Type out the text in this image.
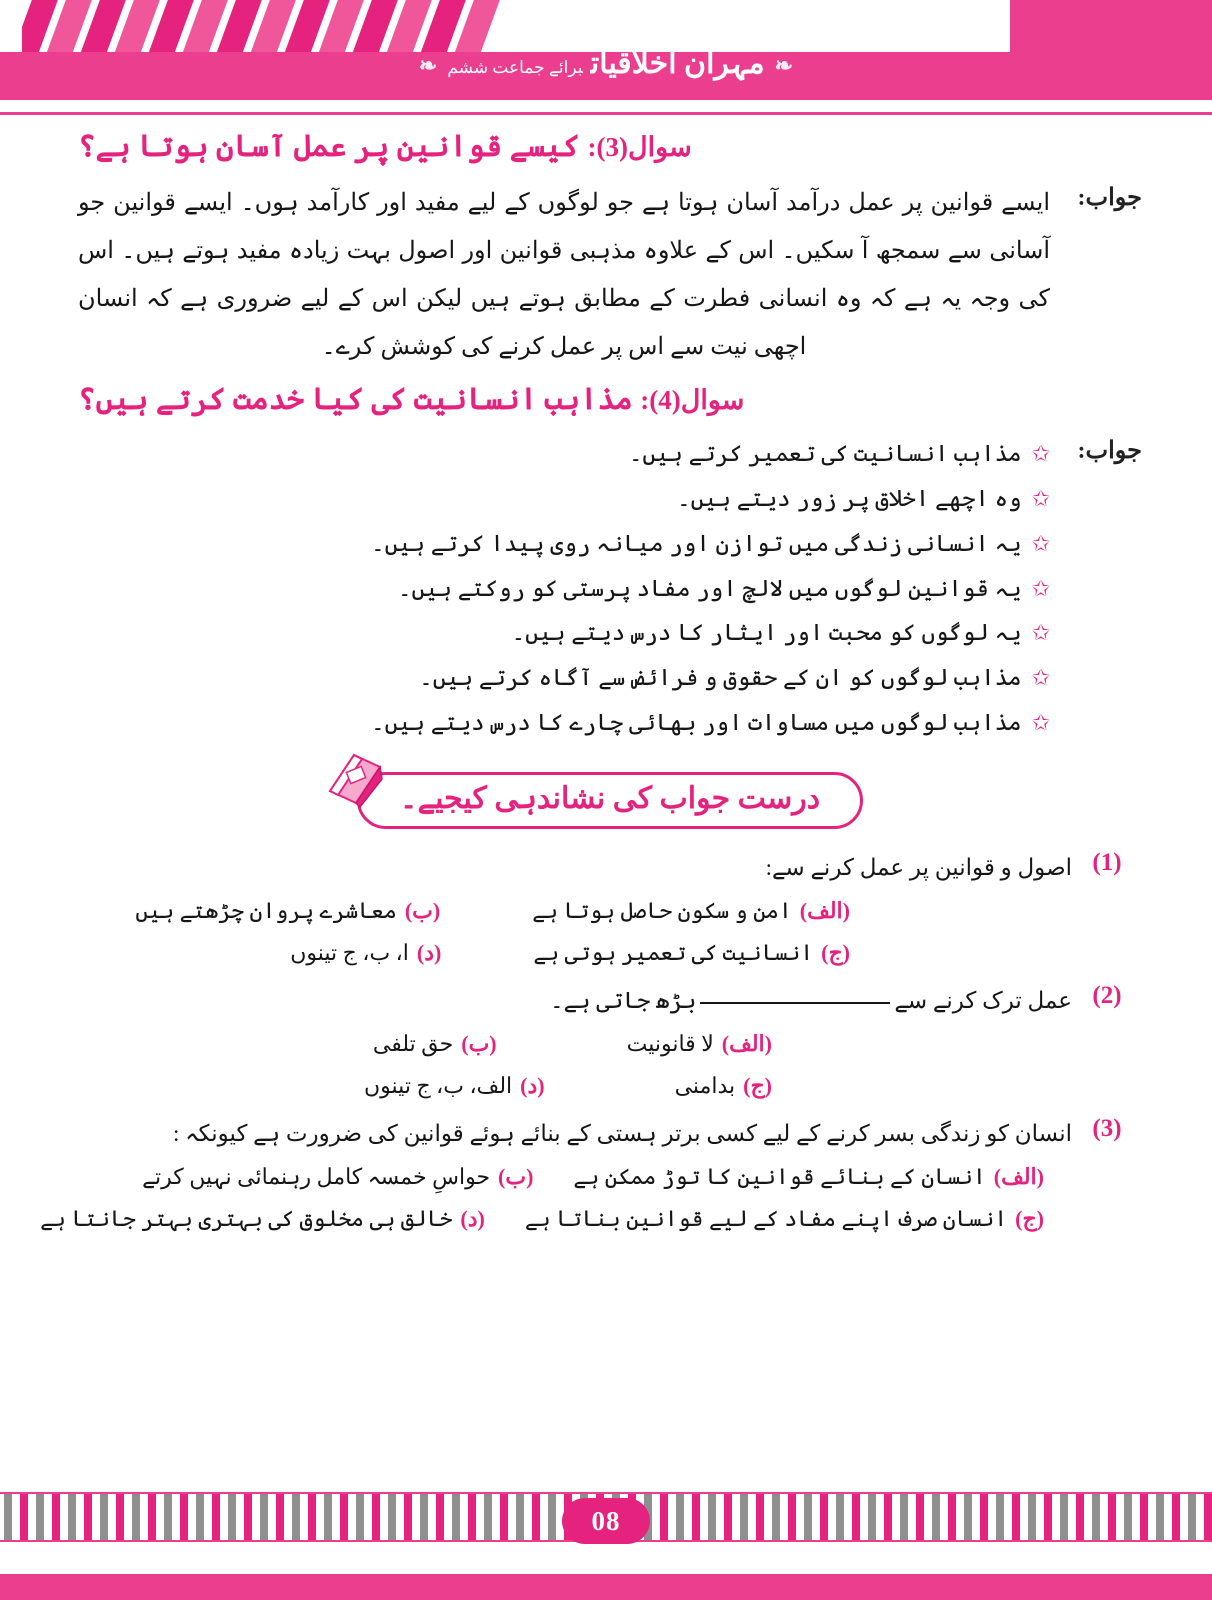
❧مہران اخلاقیاتبرائے جماعت ششم❧
سوال(3): کیسے قوانین پر عمل آسان ہوتا ہے؟
جواب:

ایسے قوانین پر عمل درآمد آسان ہوتا ہے جو لوگوں کے لیے مفید اور کارآمد ہوں۔ ایسے قوانین جو آسانی سے سمجھ آ سکیں۔ اس کے علاوہ مذہبی قوانین اور اصول بہت زیادہ مفید ہوتے ہیں۔ اس کی وجہ یہ ہے کہ وہ انسانی فطرت کے مطابق ہوتے ہیں لیکن اس کے لیے ضروری ہے کہ انسان اچھی نیت سے اس پر عمل کرنے کی کوشش کرے۔

سوال(4): مذاہب انسانیت کی کیا خدمت کرتے ہیں؟
جواب:
✩
مذاہب انسانیت کی تعمیر کرتے ہیں۔
✩
وہ اچھے اخلاق پر زور دیتے ہیں۔
✩
یہ انسانی زندگی میں توازن اور میانہ روی پیدا کرتے ہیں۔
✩
یہ قوانین لوگوں میں لالچ اور مفاد پرستی کو روکتے ہیں۔
✩
یہ لوگوں کو محبت اور ایثار کا درس دیتے ہیں۔
✩
مذاہب لوگوں کو ان کے حقوق و فرائض سے آگاہ کرتے ہیں۔
✩
مذاہب لوگوں میں مساوات اور بھائی چارے کا درس دیتے ہیں۔
درست جواب کی نشاندہی کیجیے۔
(1)
اصول و قوانین پر عمل کرنے سے:
(الف)
امن و سکون حاصل ہوتا ہے
(ب)
معاشرے پروان چڑھتے ہیں
(ج)
انسانیت کی تعمیر ہوتی ہے
(د)
ا، ب، ج تینوں
(2)
عمل ترک کرنے سےبڑھ جاتی ہے۔
(الف)
لا قانونیت
(ب)
حق تلفی
(ج)
بدامنی
(د)
الف، ب، ج تینوں
(3)
انسان کو زندگی بسر کرنے کے لیے کسی برتر ہستی کے بنائے ہوئے قوانین کی ضرورت ہے کیونکہ :
(الف)
انسان کے بنائے قوانین کا توڑ ممکن ہے
(ب)
حواسِ خمسہ کامل رہنمائی نہیں کرتے
(ج)
انسان صرف اپنے مفاد کے لیے قوانین بناتا ہے
(د)
خالق ہی مخلوق کی بہتری بہتر جانتا ہے
08
